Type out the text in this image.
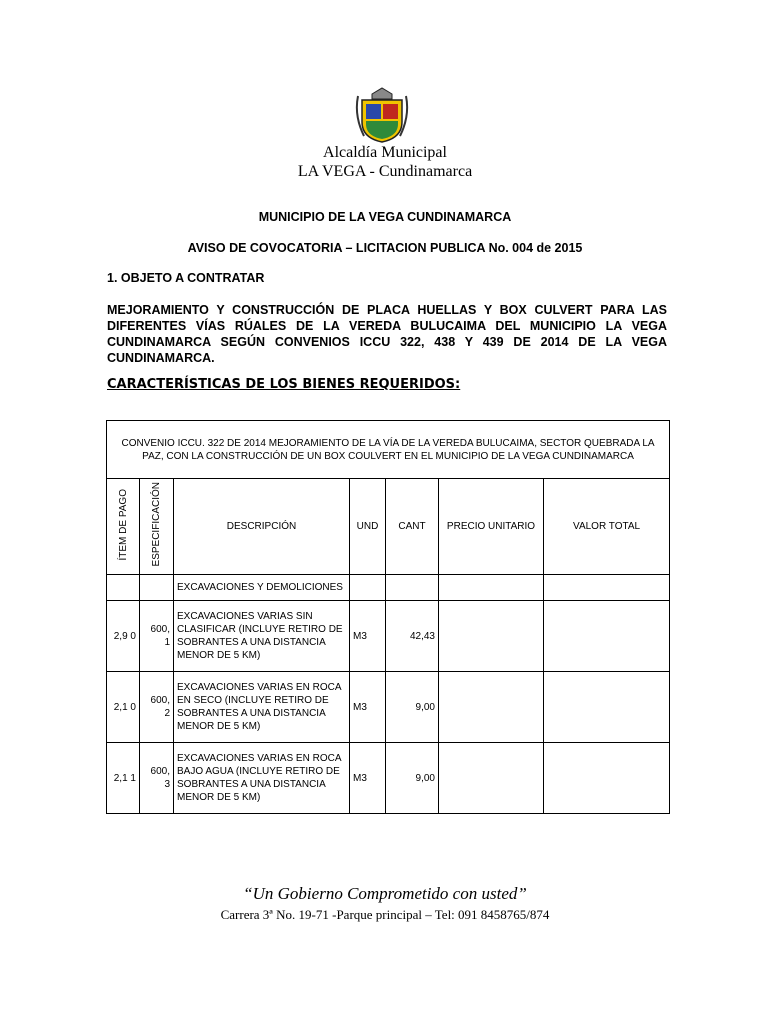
Alcaldía Municipal
LA VEGA - Cundinamarca
MUNICIPIO DE LA VEGA CUNDINAMARCA
AVISO DE COVOCATORIA – LICITACION PUBLICA No. 004 de 2015
1. OBJETO A CONTRATAR
MEJORAMIENTO Y CONSTRUCCIÓN DE PLACA HUELLAS Y BOX CULVERT PARA LAS DIFERENTES VÍAS RÚALES DE LA VEREDA BULUCAIMA DEL MUNICIPIO LA VEGA CUNDINAMARCA SEGÚN CONVENIOS ICCU 322, 438 Y 439 DE 2014 DE LA VEGA CUNDINAMARCA.
CARACTERÍSTICAS DE LOS BIENES REQUERIDOS:
CONVENIO ICCU. 322 DE 2014 MEJORAMIENTO DE LA VÍA DE LA VEREDA BULUCAIMA, SECTOR QUEBRADA LA PAZ, CON LA CONSTRUCCIÓN DE UN BOX COULVERT EN EL MUNICIPIO DE LA VEGA CUNDINAMARCA						
ÍTEM DE PAGO	ESPECIFICACIÓN	DESCRIPCIÓN	UND	CANT	PRECIO UNITARIO	VALOR TOTAL
		EXCAVACIONES Y DEMOLICIONES				
2,9 0	600, 1	EXCAVACIONES VARIAS SIN CLASIFICAR (INCLUYE RETIRO DE SOBRANTES A UNA DISTANCIA MENOR DE 5 KM)	M3	42,43		
2,1 0	600, 2	EXCAVACIONES VARIAS EN ROCA EN SECO (INCLUYE RETIRO DE SOBRANTES A UNA DISTANCIA MENOR DE 5 KM)	M3	9,00		
2,1 1	600, 3	EXCAVACIONES VARIAS EN ROCA BAJO AGUA (INCLUYE RETIRO DE SOBRANTES A UNA DISTANCIA MENOR DE 5 KM)	M3	9,00		
“Un Gobierno Comprometido con usted”
Carrera 3ª No. 19-71 -Parque principal – Tel: 091 8458765/874
